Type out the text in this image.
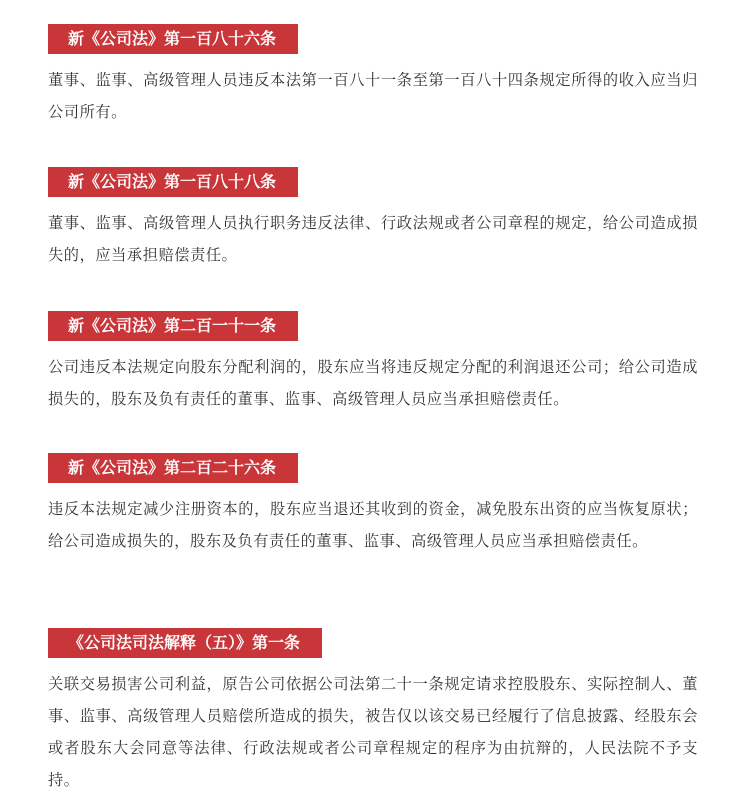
新《公司法》第一百八十六条
董事、监事、高级管理人员违反本法第一百八十一条至第一百八十四条规定所得的收入应当归公司所有。
新《公司法》第一百八十八条
董事、监事、高级管理人员执行职务违反法律、行政法规或者公司章程的规定，给公司造成损失的，应当承担赔偿责任。
新《公司法》第二百一十一条
公司违反本法规定向股东分配利润的，股东应当将违反规定分配的利润退还公司；给公司造成损失的，股东及负有责任的董事、监事、高级管理人员应当承担赔偿责任。
新《公司法》第二百二十六条
违反本法规定减少注册资本的，股东应当退还其收到的资金，减免股东出资的应当恢复原状；给公司造成损失的，股东及负有责任的董事、监事、高级管理人员应当承担赔偿责任。
《公司法司法解释（五）》第一条
关联交易损害公司利益，原告公司依据公司法第二十一条规定请求控股股东、实际控制人、董事、监事、高级管理人员赔偿所造成的损失，被告仅以该交易已经履行了信息披露、经股东会或者股东大会同意等法律、行政法规或者公司章程规定的程序为由抗辩的，人民法院不予支持。
